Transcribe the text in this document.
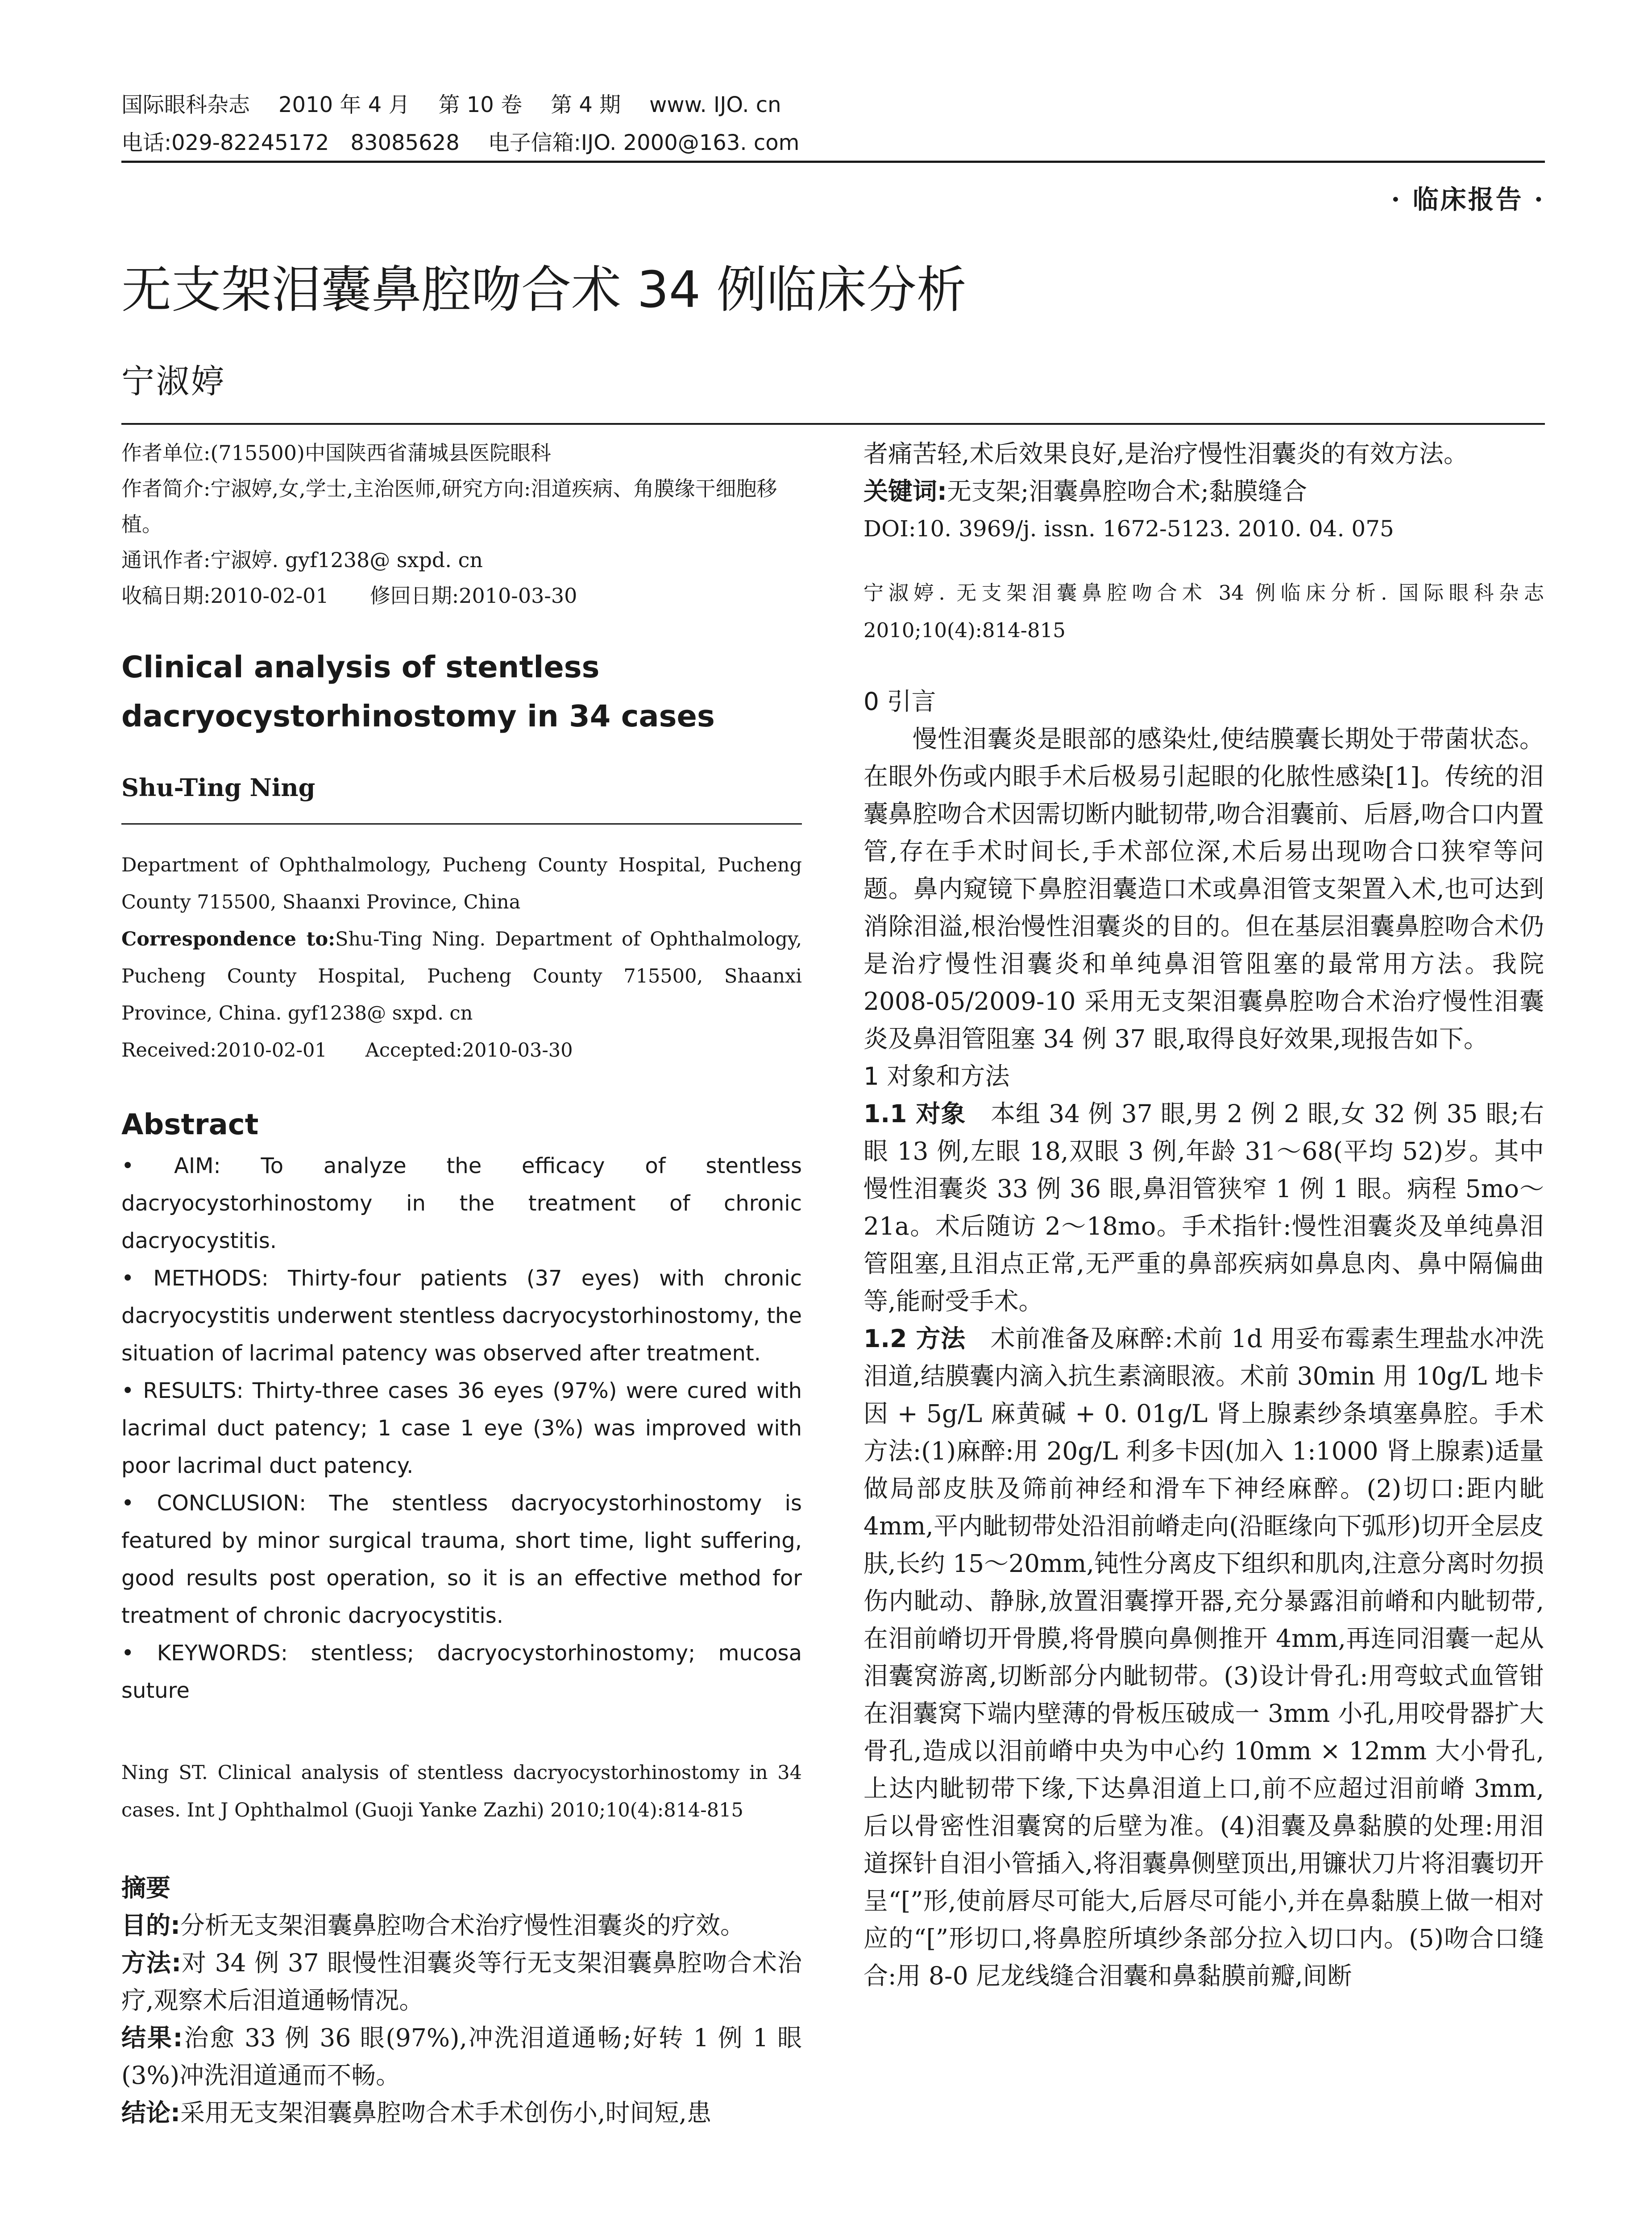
国际眼科杂志 2010 年 4 月 第 10 卷 第 4 期 www. IJO. cn
电话:029-82245172　83085628 电子信箱:IJO. 2000@163. com
· 临床报告 ·
无支架泪囊鼻腔吻合术 34 例临床分析
宁淑婷

作者单位:(715500)中国陕西省蒲城县医院眼科

作者简介:宁淑婷,女,学士,主治医师,研究方向:泪道疾病、角膜缘干细胞移植。

通讯作者:宁淑婷. gyf1238@ sxpd. cn

收稿日期:2010-02-01　　修回日期:2010-03-30

Clinical analysis of stentless dacryocystorhinostomy in 34 cases
Shu-Ting Ning

Department of Ophthalmology, Pucheng County Hospital, Pucheng County 715500, Shaanxi Province, China

Correspondence to:Shu-Ting Ning. Department of Ophthalmology, Pucheng County Hospital, Pucheng County 715500, Shaanxi Province, China. gyf1238@ sxpd. cn

Received:2010-02-01　　Accepted:2010-03-30

Abstract

• AIM: To analyze the efficacy of stentless dacryocystorhinostomy in the treatment of chronic dacryocystitis.

• METHODS: Thirty-four patients (37 eyes) with chronic dacryocystitis underwent stentless dacryocystorhinostomy, the situation of lacrimal patency was observed after treatment.

• RESULTS: Thirty-three cases 36 eyes (97%) were cured with lacrimal duct patency; 1 case 1 eye (3%) was improved with poor lacrimal duct patency.

• CONCLUSION: The stentless dacryocystorhinostomy is featured by minor surgical trauma, short time, light suffering, good results post operation, so it is an effective method for treatment of chronic dacryocystitis.

• KEYWORDS: stentless; dacryocystorhinostomy; mucosa suture

Ning ST. Clinical analysis of stentless dacryocystorhinostomy in 34 cases. Int J Ophthalmol (Guoji Yanke Zazhi) 2010;10(4):814-815

摘要

目的:分析无支架泪囊鼻腔吻合术治疗慢性泪囊炎的疗效。

方法:对 34 例 37 眼慢性泪囊炎等行无支架泪囊鼻腔吻合术治疗,观察术后泪道通畅情况。

结果:治愈 33 例 36 眼(97%),冲洗泪道通畅;好转 1 例 1 眼(3%)冲洗泪道通而不畅。

结论:采用无支架泪囊鼻腔吻合术手术创伤小,时间短,患

者痛苦轻,术后效果良好,是治疗慢性泪囊炎的有效方法。

关键词:无支架;泪囊鼻腔吻合术;黏膜缝合

DOI:10. 3969/j. issn. 1672-5123. 2010. 04. 075

宁淑婷. 无支架泪囊鼻腔吻合术 34 例临床分析. 国际眼科杂志 2010;10(4):814-815

0 引言

慢性泪囊炎是眼部的感染灶,使结膜囊长期处于带菌状态。在眼外伤或内眼手术后极易引起眼的化脓性感染[1]。传统的泪囊鼻腔吻合术因需切断内眦韧带,吻合泪囊前、后唇,吻合口内置管,存在手术时间长,手术部位深,术后易出现吻合口狭窄等问题。鼻内窥镜下鼻腔泪囊造口术或鼻泪管支架置入术,也可达到消除泪溢,根治慢性泪囊炎的目的。但在基层泪囊鼻腔吻合术仍是治疗慢性泪囊炎和单纯鼻泪管阻塞的最常用方法。我院 2008-05/2009-10 采用无支架泪囊鼻腔吻合术治疗慢性泪囊炎及鼻泪管阻塞 34 例 37 眼,取得良好效果,现报告如下。

1 对象和方法

1.1 对象　 本组 34 例 37 眼,男 2 例 2 眼,女 32 例 35 眼;右眼 13 例,左眼 18,双眼 3 例,年龄 31～68(平均 52)岁。其中慢性泪囊炎 33 例 36 眼,鼻泪管狭窄 1 例 1 眼。病程 5mo～21a。术后随访 2～18mo。手术指针:慢性泪囊炎及单纯鼻泪管阻塞,且泪点正常,无严重的鼻部疾病如鼻息肉、鼻中隔偏曲等,能耐受手术。

1.2 方法　 术前准备及麻醉:术前 1d 用妥布霉素生理盐水冲洗泪道,结膜囊内滴入抗生素滴眼液。术前 30min 用 10g/L 地卡因 + 5g/L 麻黄碱 + 0. 01g/L 肾上腺素纱条填塞鼻腔。手术方法:(1)麻醉:用 20g/L 利多卡因(加入 1:1000 肾上腺素)适量做局部皮肤及筛前神经和滑车下神经麻醉。(2)切口:距内眦 4mm,平内眦韧带处沿泪前嵴走向(沿眶缘向下弧形)切开全层皮肤,长约 15～20mm,钝性分离皮下组织和肌肉,注意分离时勿损伤内眦动、静脉,放置泪囊撑开器,充分暴露泪前嵴和内眦韧带,在泪前嵴切开骨膜,将骨膜向鼻侧推开 4mm,再连同泪囊一起从泪囊窝游离,切断部分内眦韧带。(3)设计骨孔:用弯蚊式血管钳在泪囊窝下端内壁薄的骨板压破成一 3mm 小孔,用咬骨器扩大骨孔,造成以泪前嵴中央为中心约 10mm × 12mm 大小骨孔,上达内眦韧带下缘,下达鼻泪道上口,前不应超过泪前嵴 3mm,后以骨密性泪囊窝的后壁为准。(4)泪囊及鼻黏膜的处理:用泪道探针自泪小管插入,将泪囊鼻侧壁顶出,用镰状刀片将泪囊切开呈“[”形,使前唇尽可能大,后唇尽可能小,并在鼻黏膜上做一相对应的“[”形切口,将鼻腔所填纱条部分拉入切口内。(5)吻合口缝合:用 8-0 尼龙线缝合泪囊和鼻黏膜前瓣,间断
